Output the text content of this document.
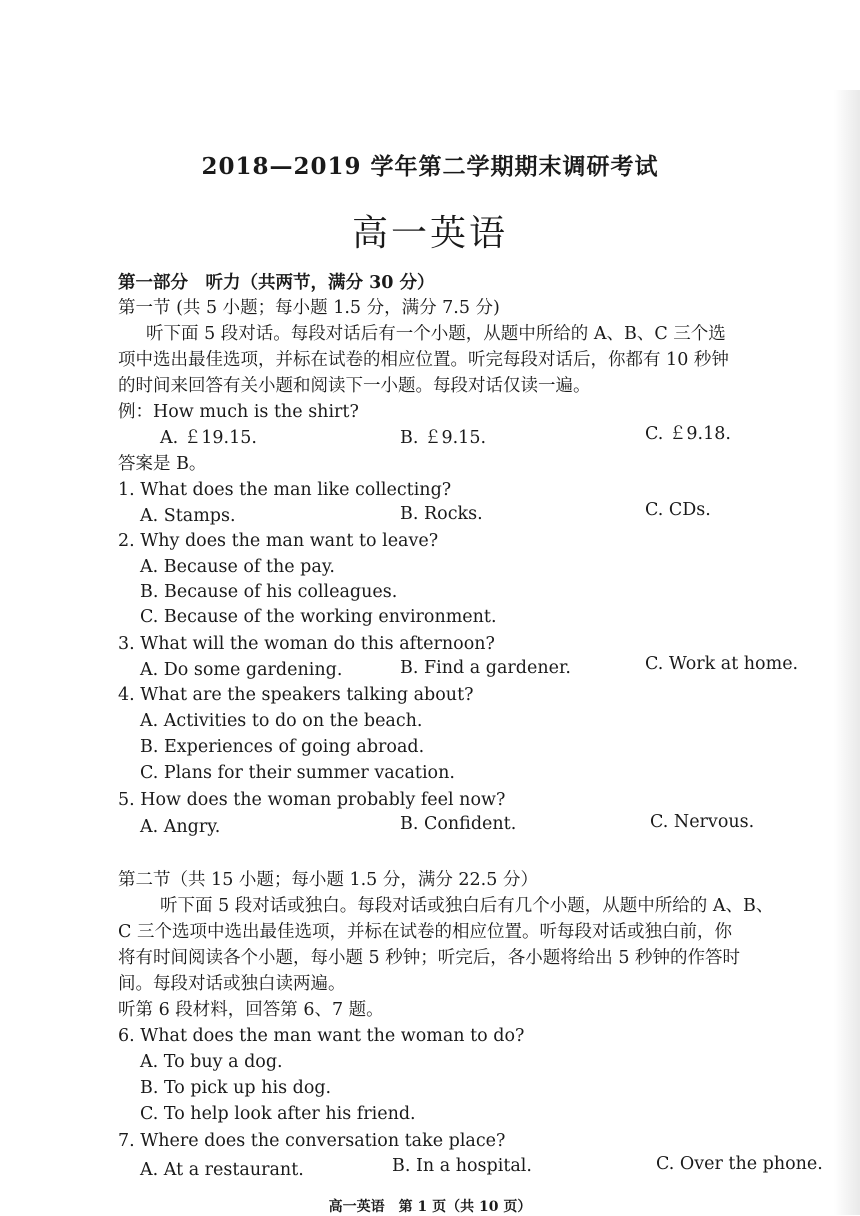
2018—2019 学年第二学期期末调研考试
高一英语
第一部分　听力（共两节，满分 30 分）
第一节 (共 5 小题；每小题 1.5 分，满分 7.5 分)
听下面 5 段对话。每段对话后有一个小题，从题中所给的 A、B、C 三个选
项中选出最佳选项，并标在试卷的相应位置。听完每段对话后，你都有 10 秒钟
的时间来回答有关小题和阅读下一小题。每段对话仅读一遍。
例：How much is the shirt?
A. ￡19.15.	B. ￡9.15.	C. ￡9.18.
答案是 B。
1. What does the man like collecting?
A. Stamps.	B. Rocks.	C. CDs.
2. Why does the man want to leave?
A. Because of the pay.
B. Because of his colleagues.
C. Because of the working environment.
3. What will the woman do this afternoon?
A. Do some gardening.	B. Find a gardener.	C. Work at home.
4. What are the speakers talking about?
A. Activities to do on the beach.
B. Experiences of going abroad.
C. Plans for their summer vacation.
5. How does the woman probably feel now?
A. Angry.	B. Confident.	C. Nervous.
第二节（共 15 小题；每小题 1.5 分，满分 22.5 分）
听下面 5 段对话或独白。每段对话或独白后有几个小题，从题中所给的 A、B、
C 三个选项中选出最佳选项，并标在试卷的相应位置。听每段对话或独白前，你
将有时间阅读各个小题，每小题 5 秒钟；听完后，各小题将给出 5 秒钟的作答时
间。每段对话或独白读两遍。
听第 6 段材料，回答第 6、7 题。
6. What does the man want the woman to do?
A. To buy a dog.
B. To pick up his dog.
C. To help look after his friend.
7. Where does the conversation take place?
A. At a restaurant.	B. In a hospital.	C. Over the phone.
高一英语　第 1 页（共 10 页）
